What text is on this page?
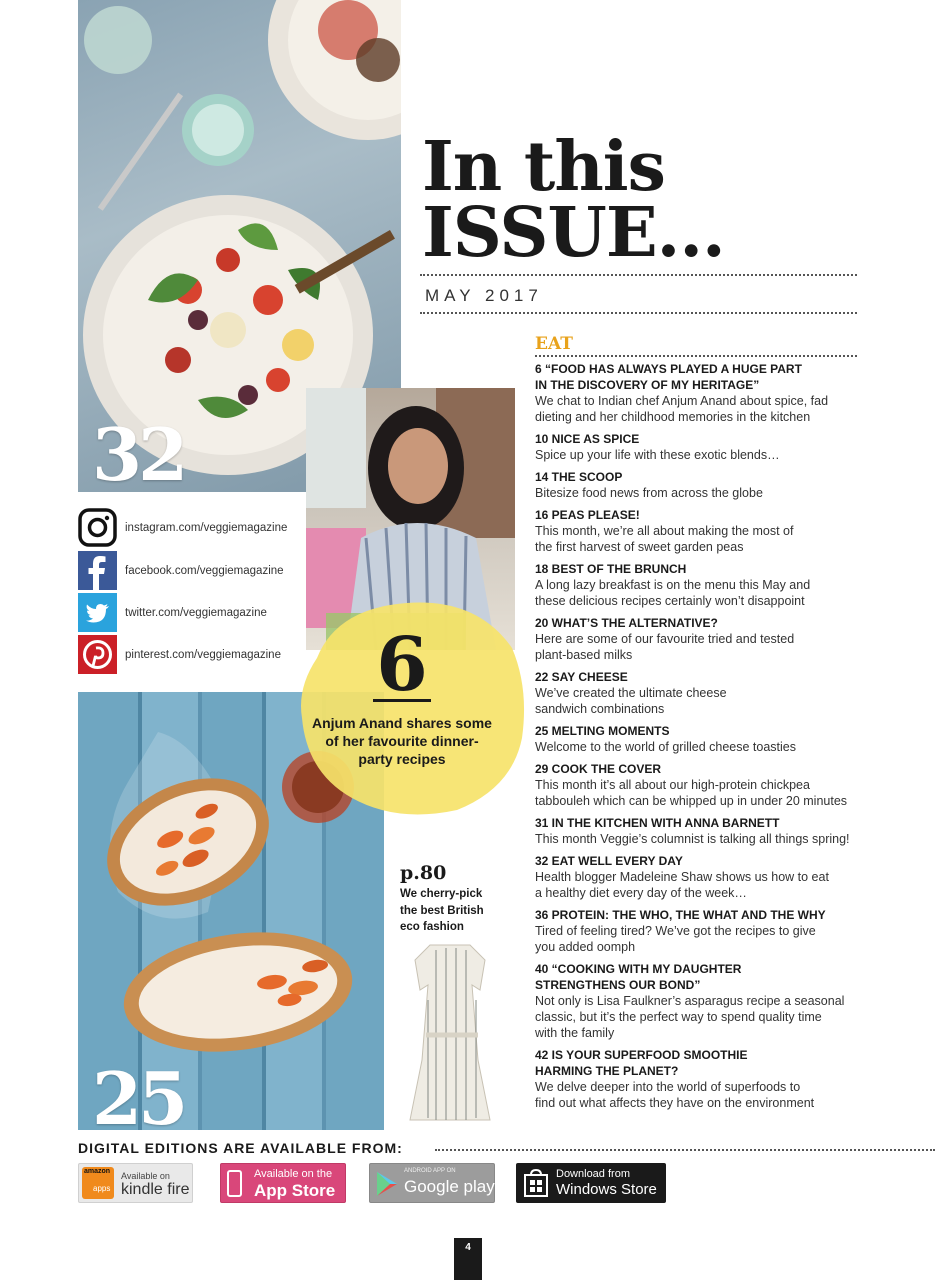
32
instagram.com/veggiemagazine
facebook.com/veggiemagazine
twitter.com/veggiemagazine
pinterest.com/veggiemagazine
25
6
Anjum Anand shares some of her favourite dinner-party recipes
In this
ISSUE...
MAY 2017
p.80
We cherry-pick the best British eco fashion
EAT
6 “FOOD HAS ALWAYS PLAYED A HUGE PART
IN THE DISCOVERY OF MY HERITAGE”
We chat to Indian chef Anjum Anand about spice, fad
dieting and her childhood memories in the kitchen
10 NICE AS SPICE
Spice up your life with these exotic blends…
14 THE SCOOP
Bitesize food news from across the globe
16 PEAS PLEASE!
This month, we’re all about making the most of
the first harvest of sweet garden peas
18 BEST OF THE BRUNCH
A long lazy breakfast is on the menu this May and
these delicious recipes certainly won’t disappoint
20 WHAT’S THE ALTERNATIVE?
Here are some of our favourite tried and tested
plant-based milks
22 SAY CHEESE
We’ve created the ultimate cheese
sandwich combinations
25 MELTING MOMENTS
Welcome to the world of grilled cheese toasties
29 COOK THE COVER
This month it’s all about our high-protein chickpea
tabbouleh which can be whipped up in under 20 minutes
31 IN THE KITCHEN WITH ANNA BARNETT
This month Veggie’s columnist is talking all things spring!
32 EAT WELL EVERY DAY
Health blogger Madeleine Shaw shows us how to eat
a healthy diet every day of the week…
36 PROTEIN: THE WHO, THE WHAT AND THE WHY
Tired of feeling tired? We’ve got the recipes to give
you added oomph
40 “COOKING WITH MY DAUGHTER
STRENGTHENS OUR BOND”
Not only is Lisa Faulkner’s asparagus recipe a seasonal
classic, but it’s the perfect way to spend quality time
with the family
42 IS YOUR SUPERFOOD SMOOTHIE
HARMING THE PLANET?
We delve deeper into the world of superfoods to
find out what affects they have on the environment
DIGITAL EDITIONS ARE AVAILABLE FROM:
amazon
apps
Available on
kindle fire
Available on the
App Store
ANDROID APP ON
Google play
Download from
Windows Store
4
